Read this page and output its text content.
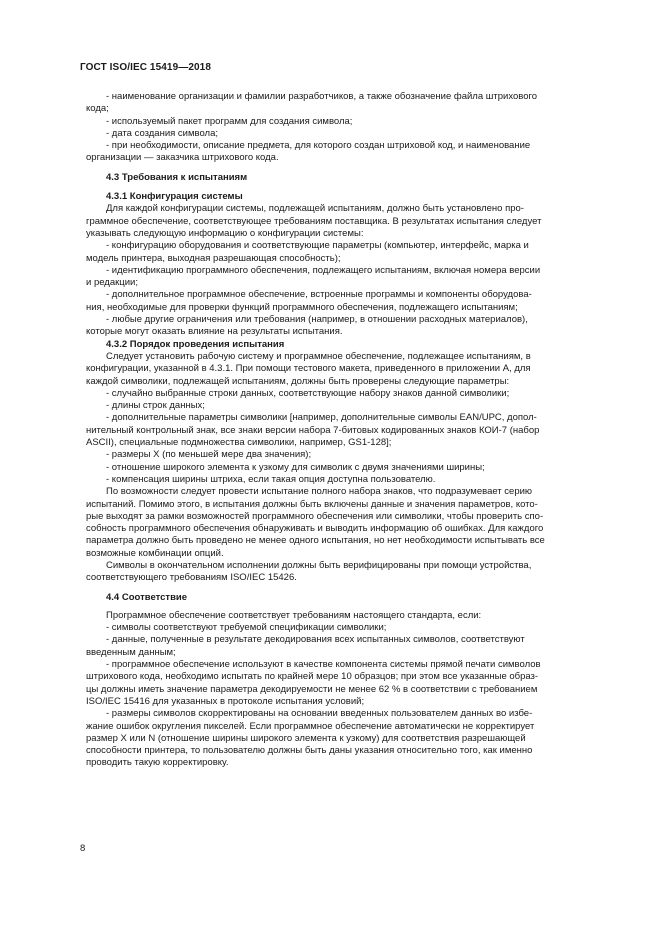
ГОСТ ISO/IEC 15419—2018

- наименование организации и фамилии разработчиков, а также обозначение файла штрихового
кода;

- используемый пакет программ для создания символа;

- дата создания символа;

- при необходимости, описание предмета, для которого создан штриховой код, и наименование
организации — заказчика штрихового кода.

4.3 Требования к испытаниям

4.3.1 Конфигурация системы

Для каждой конфигурации системы, подлежащей испытаниям, должно быть установлено про-
граммное обеспечение, соответствующее требованиям поставщика. В результатах испытания следует
указывать следующую информацию о конфигурации системы:

- конфигурацию оборудования и соответствующие параметры (компьютер, интерфейс, марка и
модель принтера, выходная разрешающая способность);

- идентификацию программного обеспечения, подлежащего испытаниям, включая номера версии
и редакции;

- дополнительное программное обеспечение, встроенные программы и компоненты оборудова-
ния, необходимые для проверки функций программного обеспечения, подлежащего испытаниям;

- любые другие ограничения или требования (например, в отношении расходных материалов),
которые могут оказать влияние на результаты испытания.

4.3.2 Порядок проведения испытания

Следует установить рабочую систему и программное обеспечение, подлежащее испытаниям, в
конфигурации, указанной в 4.3.1. При помощи тестового макета, приведенного в приложении А, для
каждой символики, подлежащей испытаниям, должны быть проверены следующие параметры:

- случайно выбранные строки данных, соответствующие набору знаков данной символики;

- длины строк данных;

- дополнительные параметры символики [например, дополнительные символы EAN/UPC, допол-
нительный контрольный знак, все знаки версии набора 7-битовых кодированных знаков КОИ-7 (набор
ASCII), специальные подмножества символики, например, GS1-128];

- размеры X (по меньшей мере два значения);

- отношение широкого элемента к узкому для символик с двумя значениями ширины;

- компенсация ширины штриха, если такая опция доступна пользователю.

По возможности следует провести испытание полного набора знаков, что подразумевает серию
испытаний. Помимо этого, в испытания должны быть включены данные и значения параметров, кото-
рые выходят за рамки возможностей программного обеспечения или символики, чтобы проверить спо-
собность программного обеспечения обнаруживать и выводить информацию об ошибках. Для каждого
параметра должно быть проведено не менее одного испытания, но нет необходимости испытывать все
возможные комбинации опций.

Символы в окончательном исполнении должны быть верифицированы при помощи устройства,
соответствующего требованиям ISO/IEC 15426.

4.4 Соответствие

Программное обеспечение соответствует требованиям настоящего стандарта, если:

- символы соответствуют требуемой спецификации символики;

- данные, полученные в результате декодирования всех испытанных символов, соответствуют
введенным данным;

- программное обеспечение используют в качестве компонента системы прямой печати символов
штрихового кода, необходимо испытать по крайней мере 10 образцов; при этом все указанные образ-
цы должны иметь значение параметра декодируемости не менее 62 % в соответствии с требованием
ISO/IEC 15416 для указанных в протоколе испытания условий;

- размеры символов скорректированы на основании введенных пользователем данных во избе-
жание ошибок округления пикселей. Если программное обеспечение автоматически не корректирует
размер X или N (отношение ширины широкого элемента к узкому) для соответствия разрешающей
способности принтера, то пользователю должны быть даны указания относительно того, как именно
проводить такую корректировку.

8
